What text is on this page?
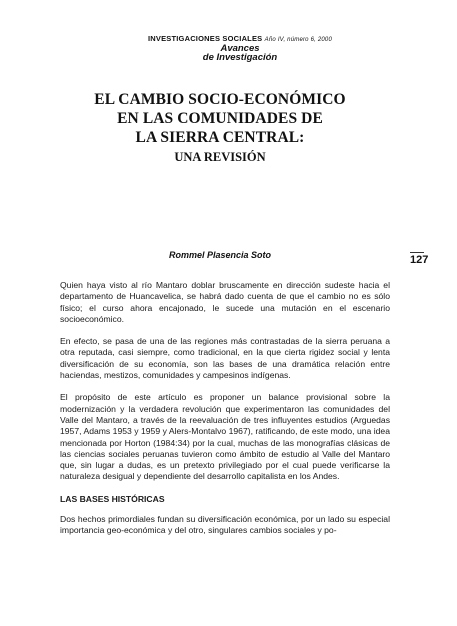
INVESTIGACIONES SOCIALES Año IV, número 6, 2000
Avances
de Investigación
EL CAMBIO SOCIO-ECONÓMICO
EN LAS COMUNIDADES DE
LA SIERRA CENTRAL:
UNA REVISIÓN
Rommel Plasencia Soto	127

Quien haya visto al río Mantaro doblar bruscamente en dirección sudeste hacia el departamento de Huancavelica, se habrá dado cuenta de que el cambio no es sólo físico; el curso ahora encajonado, le sucede una mutación en el escenario socioeconómico.

En efecto, se pasa de una de las regiones más contrastadas de la sierra peruana a otra reputada, casi siempre, como tradicional, en la que cierta rigidez social y lenta diversificación de su economía, son las bases de una dramática relación entre haciendas, mestizos, comunidades y campesinos indígenas.

El propósito de este artículo es proponer un balance provisional sobre la modernización y la verdadera revolución que experimentaron las comunidades del Valle del Mantaro, a través de la reevaluación de tres influyentes estudios (Arguedas 1957, Adams 1953 y 1959 y Alers-Montalvo 1967), ratificando, de este modo, una idea mencionada por Horton (1984:34) por la cual, muchas de las monografías clásicas de las ciencias sociales peruanas tuvieron como ámbito de estudio al Valle del Mantaro que, sin lugar a dudas, es un pretexto privilegiado por el cual puede verificarse la naturaleza desigual y dependiente del desarrollo capitalista en los Andes.

LAS BASES HISTÓRICAS

Dos hechos primordiales fundan su diversificación económica, por un lado su especial importancia geo-económica y del otro, singulares cambios sociales y po-
